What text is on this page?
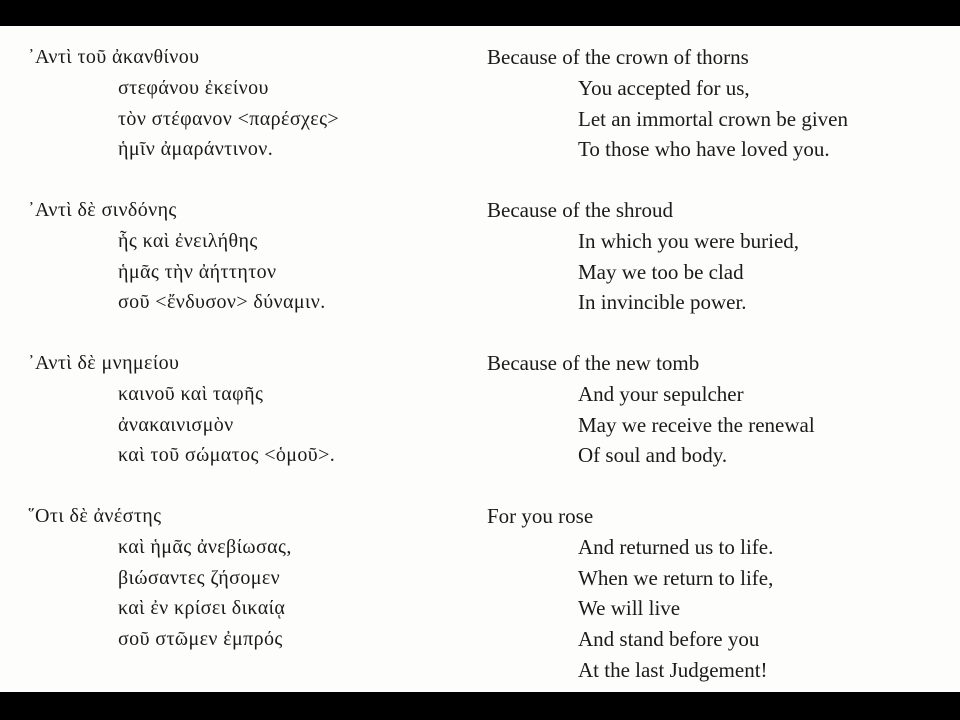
᾿Αντὶ τοῦ ἀκανθίνου
στεφάνου ἐκείνου
τὸν στέφανον <παρέσχες>
ἡμῖν ἀμαράντινον.
᾿Αντὶ δὲ σινδόνης
ἧς καὶ ἐνειλήθης
ἡμᾶς τὴν ἀήττητον
σοῦ <ἔνδυσον> δύναμιν.
᾿Αντὶ δὲ μνημείου
καινοῦ καὶ ταφῆς
ἀνακαινισμὸν
καὶ τοῦ σώματος <ὁμοῦ>.
῞Οτι δὲ ἀνέστης
καὶ ἡμᾶς ἀνεβίωσας,
βιώσαντες ζήσομεν
καὶ ἐν κρίσει δικαίᾳ
σοῦ στῶμεν ἐμπρός
Because of the crown of thorns
You accepted for us,
Let an immortal crown be given
To those who have loved you.
Because of the shroud
In which you were buried,
May we too be clad
In invincible power.
Because of the new tomb
And your sepulcher
May we receive the renewal
Of soul and body.
For you rose
And returned us to life.
When we return to life,
We will live
And stand before you
At the last Judgement!
